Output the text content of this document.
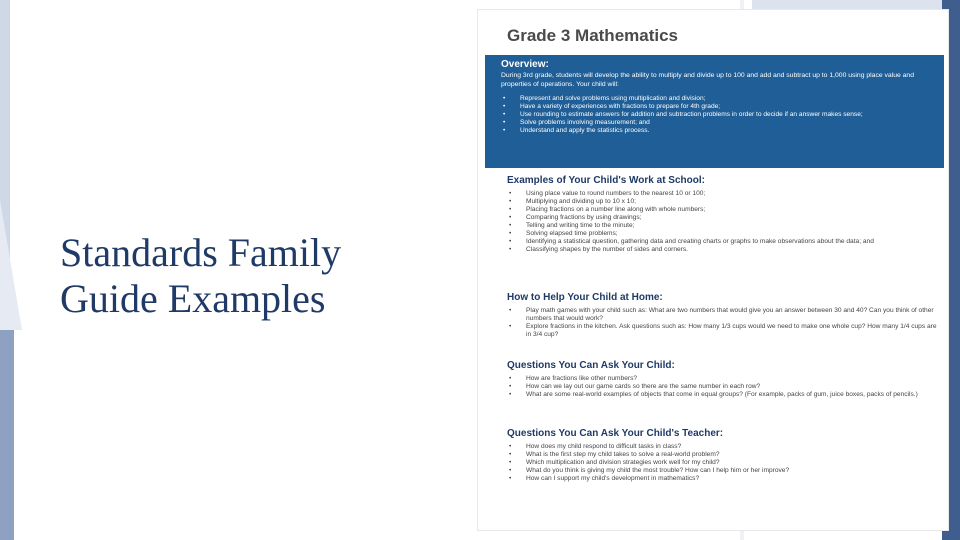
Standards Family
Guide Examples
Grade 3 Mathematics
Overview:

During 3rd grade, students will develop the ability to multiply and divide up to 100 and add and subtract up to 1,000 using place value and properties of operations. Your child will:

• Represent and solve problems using multiplication and division;
• Have a variety of experiences with fractions to prepare for 4th grade;
• Use rounding to estimate answers for addition and subtraction problems in order to decide if an answer makes sense;
• Solve problems involving measurement; and
• Understand and apply the statistics process.
Examples of Your Child's Work at School:
• Using place value to round numbers to the nearest 10 or 100;
• Multiplying and dividing up to 10 x 10;
• Placing fractions on a number line along with whole numbers;
• Comparing fractions by using drawings;
• Telling and writing time to the minute;
• Solving elapsed time problems;
• Identifying a statistical question, gathering data and creating charts or graphs to make observations about the data; and
• Classifying shapes by the number of sides and corners.
How to Help Your Child at Home:
• Play math games with your child such as: What are two numbers that would give you an answer between 30 and 40? Can you think of other numbers that would work?
• Explore fractions in the kitchen. Ask questions such as: How many 1/3 cups would we need to make one whole cup? How many 1/4 cups are in 3/4 cup?
Questions You Can Ask Your Child:
• How are fractions like other numbers?
• How can we lay out our game cards so there are the same number in each row?
• What are some real-world examples of objects that come in equal groups? (For example, packs of gum, juice boxes, packs of pencils.)
Questions You Can Ask Your Child's Teacher:
• How does my child respond to difficult tasks in class?
• What is the first step my child takes to solve a real-world problem?
• Which multiplication and division strategies work well for my child?
• What do you think is giving my child the most trouble? How can I help him or her improve?
• How can I support my child's development in mathematics?
